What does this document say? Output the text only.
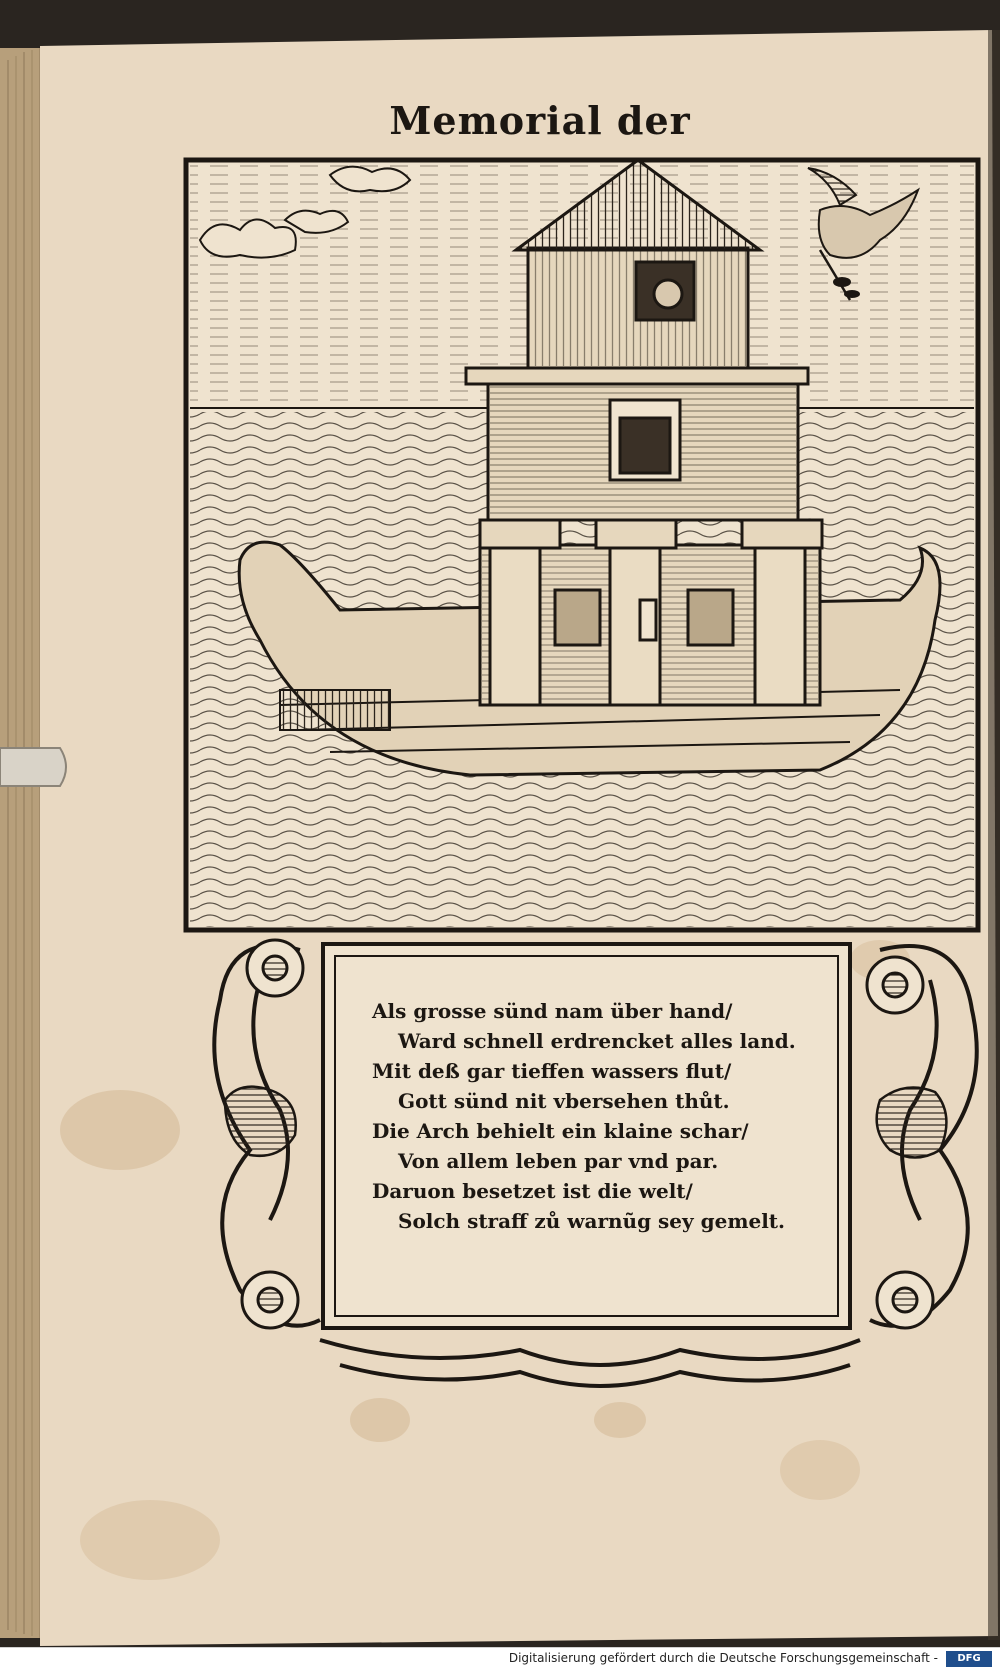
Memorial der
Als grosse sünd nam über hand/
Ward schnell erdrencket alles land.
Mit deß gar tieffen wassers flut/
Gott sünd nit vbersehen thůt.
Die Arch behielt ein klaine schar/
Von allem leben par vnd par.
Daruon besetzet ist die welt/
Solch straff zů warnũg sey gemelt.
Digitalisierung gefördert durch die Deutsche Forschungsgemeinschaft -	DFG
